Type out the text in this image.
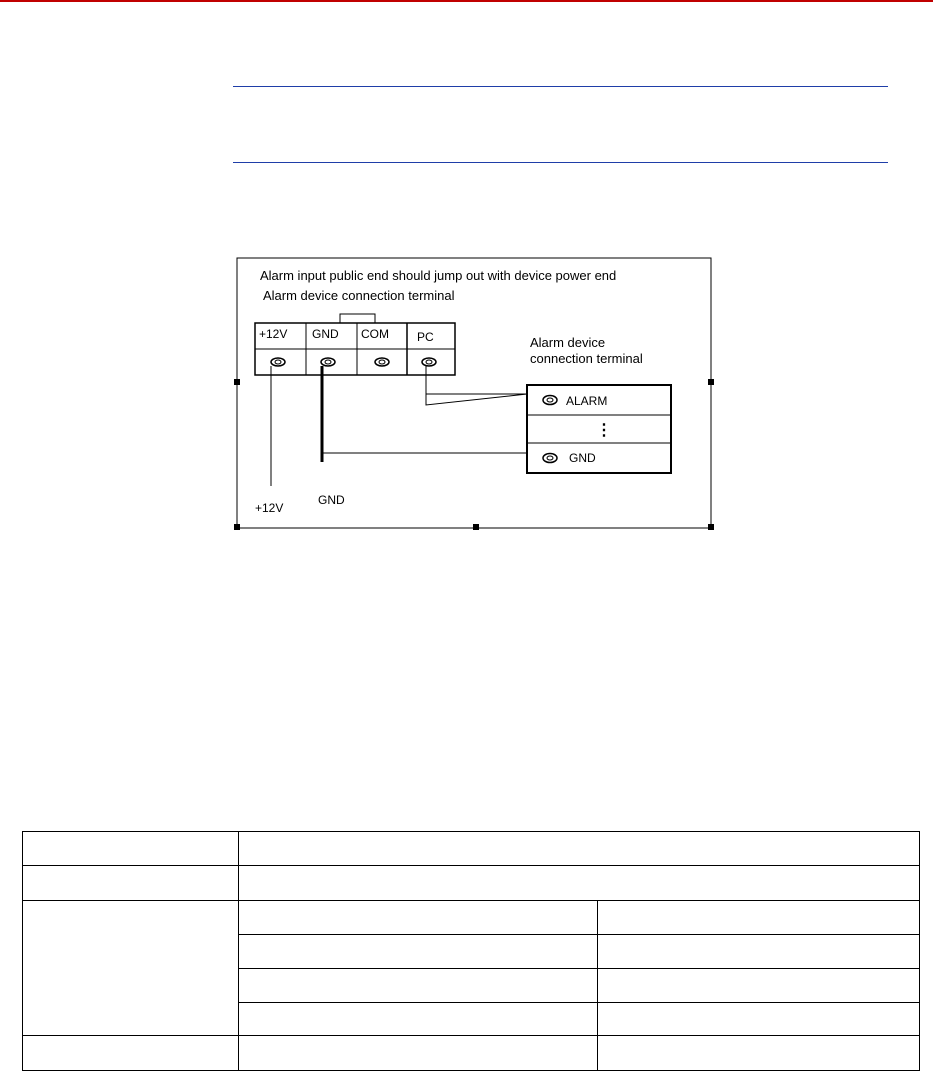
Alarm input public end should jump out with device power end
Alarm device connection terminal
+12V GND COM PC	Alarm device
connection terminal
ALARM
⋮
GND
+12V
GND
